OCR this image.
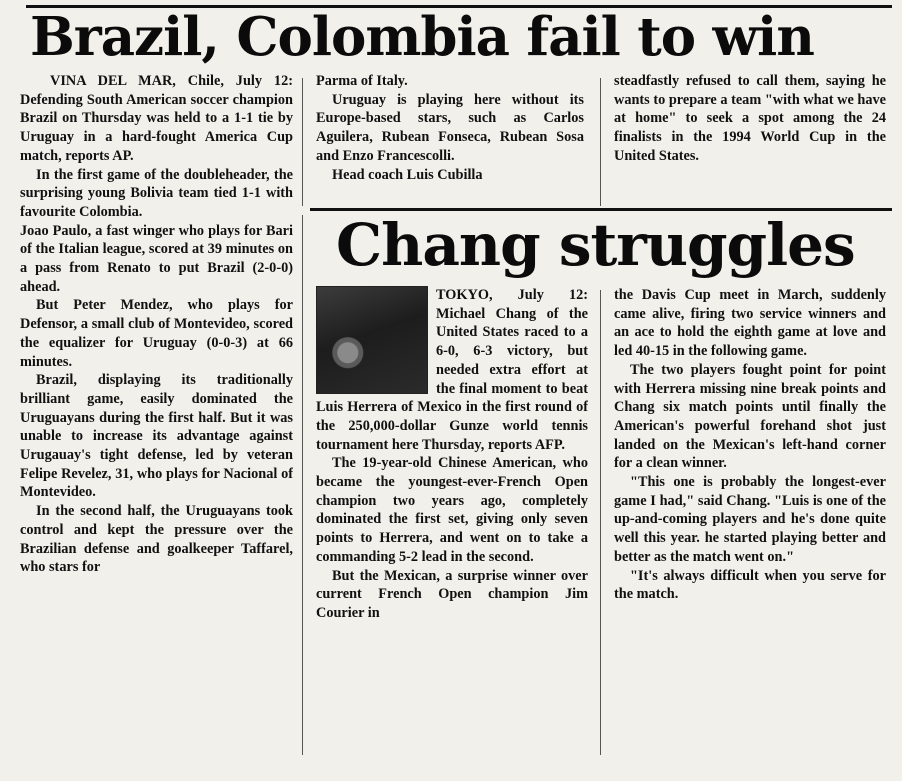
Brazil, Colombia fail to win

VINA DEL MAR, Chile, July 12: Defending South American soccer champion Brazil on Thursday was held to a 1-1 tie by Uruguay in a hard-fought America Cup match, reports AP.

In the first game of the doubleheader, the surprising young Bolivia team tied 1-1 with favourite Colombia.

Joao Paulo, a fast winger who plays for Bari of the Italian league, scored at 39 minutes on a pass from Renato to put Brazil (2-0-0) ahead.

But Peter Mendez, who plays for Defensor, a small club of Montevideo, scored the equalizer for Uruguay (0-0-3) at 66 minutes.

Brazil, displaying its traditionally brilliant game, easily dominated the Uruguayans during the first half. But it was unable to increase its advantage against Urugauay's tight defense, led by veteran Felipe Revelez, 31, who plays for Nacional of Montevideo.

In the second half, the Uruguayans took control and kept the pressure over the Brazilian defense and goalkeeper Taffarel, who stars for

Parma of Italy.

Uruguay is playing here without its Europe-based stars, such as Carlos Aguilera, Rubean Fonseca, Rubean Sosa and Enzo Francescolli.

Head coach Luis Cubilla

steadfastly refused to call them, saying he wants to prepare a team "with what we have at home" to seek a spot among the 24 finalists in the 1994 World Cup in the United States.

Chang struggles

TOKYO, July 12: Michael Chang of the United States raced to a 6-0, 6-3 victory, but needed extra effort at the final moment to beat Luis Herrera of Mexico in the first round of the 250,000-dollar Gunze world tennis tournament here Thursday, reports AFP.

The 19-year-old Chinese American, who became the youngest-ever-French Open champion two years ago, completely dominated the first set, giving only seven points to Herrera, and went on to take a commanding 5-2 lead in the second.

But the Mexican, a surprise winner over current French Open champion Jim Courier in

the Davis Cup meet in March, suddenly came alive, firing two service winners and an ace to hold the eighth game at love and led 40-15 in the following game.

The two players fought point for point with Herrera missing nine break points and Chang six match points until finally the American's powerful forehand shot just landed on the Mexican's left-hand corner for a clean winner.

"This one is probably the longest-ever game I had," said Chang. "Luis is one of the up-and-coming players and he's done quite well this year. he started playing better and better as the match went on."

"It's always difficult when you serve for the match.
